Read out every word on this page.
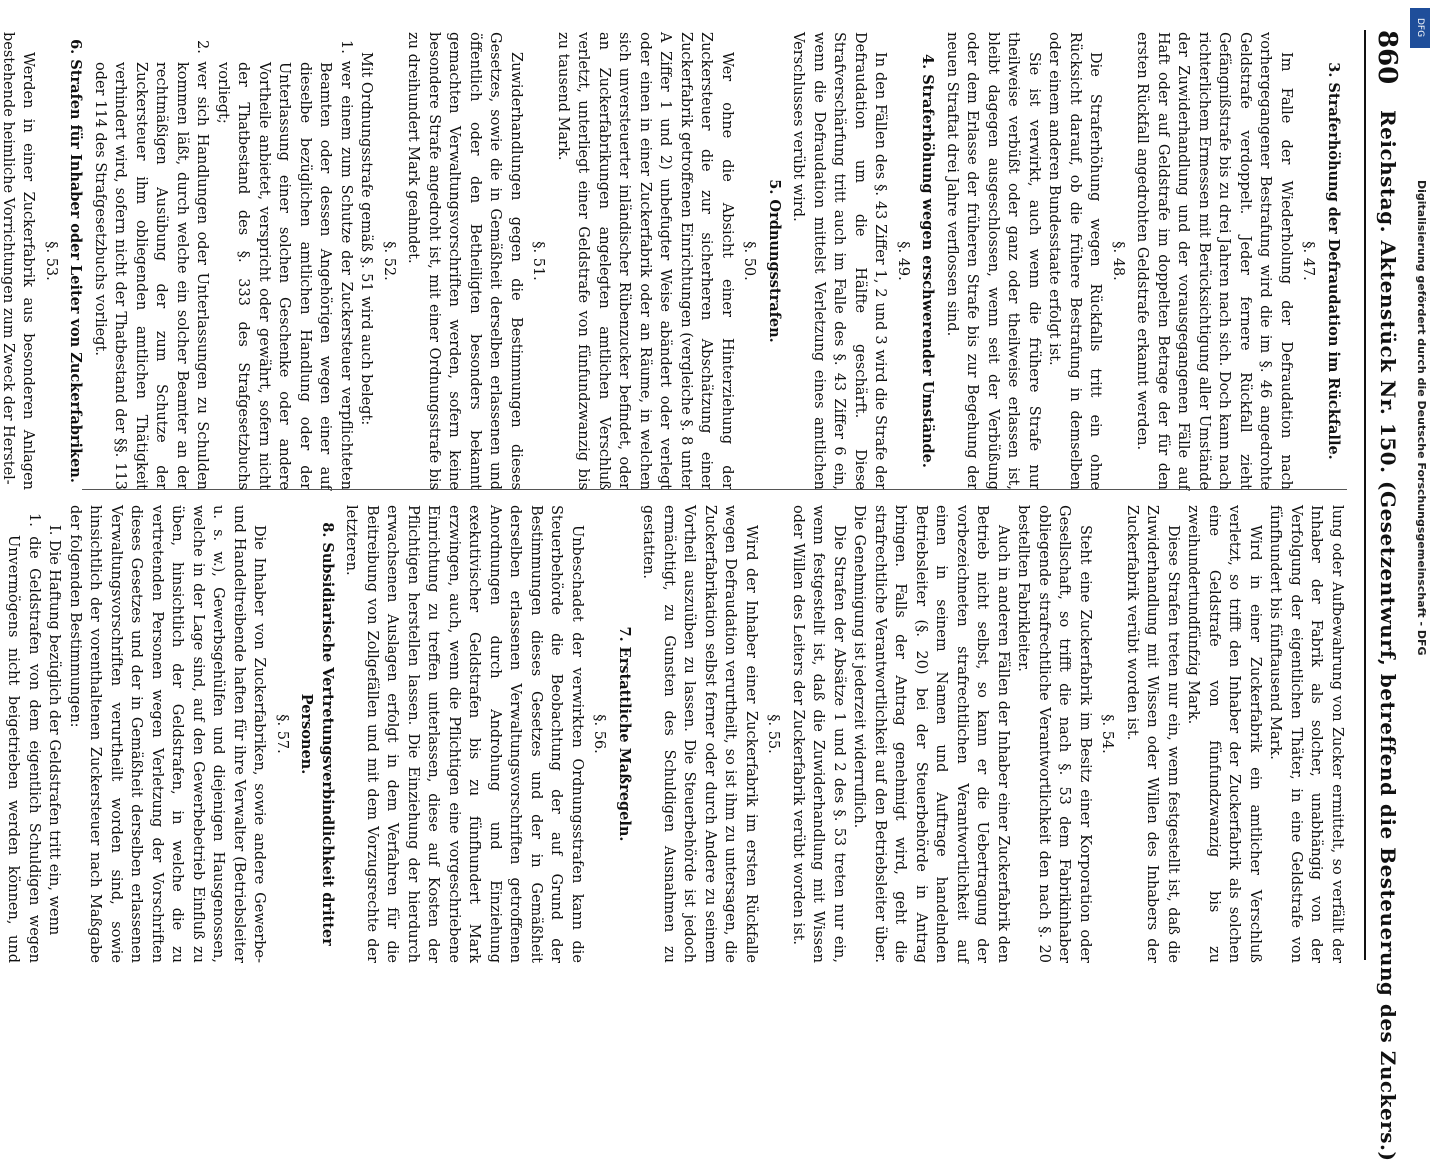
860
Reichstag. Aktenstück Nr. 150. (Gesetzentwurf, betreffend die Besteuerung des Zuckers.)
3. Straferhöhung der Defraudation im Rückfalle.
§. 47.

Im Falle der Wiederholung der Defraudation nach vorhergegangener Bestrafung wird die im §. 46 angedrohte Geldstrafe verdoppelt. Jeder fernere Rückfall zieht Gefängnißstrafe bis zu drei Jahren nach sich. Doch kann nach richterlichem Ermessen mit Berücksichtigung aller Umstände der Zuwiderhandlung und der vorausgegangenen Fälle auf Haft oder auf Geldstrafe im doppelten Betrage der für den ersten Rückfall angedrohten Geldstrafe erkannt werden.

§. 48.

Die Straferhöhung wegen Rückfalls tritt ein ohne Rücksicht darauf, ob die frühere Bestrafung in demselben oder einem anderen Bundesstaate erfolgt ist.

Sie ist verwirkt, auch wenn die frühere Strafe nur theilweise verbüßt oder ganz oder theilweise erlassen ist, bleibt dagegen ausgeschlossen, wenn seit der Verbüßung oder dem Erlasse der früheren Strafe bis zur Begehung der neuen Straftat drei Jahre verflossen sind.

4. Straferhöhung wegen erschwerender Umstände.
§. 49.

In den Fällen des §. 43 Ziffer 1, 2 und 3 wird die Strafe der Defraudation um die Hälfte geschärft. Diese Strafverschärfung tritt auch im Falle des §. 43 Ziffer 6 ein, wenn die Defraudation mittelst Verletzung eines amtlichen Verschlusses verübt wird.

5. Ordnungsstrafen.
§. 50.

Wer ohne die Absicht einer Hinterziehung der Zuckersteuer die zur sicherheren Abschätzung einer Zuckerfabrik getroffenen Einrichtungen (vergleiche §. 8 unter A Ziffer 1 und 2) unbefugter Weise abändert oder verlegt oder einen in einer Zuckerfabrik oder an Räume, in welchen sich unversteuerter inländischer Rübenzucker befindet, oder an Zuckerfabrikungen angelegten amtlichen Verschluß verletzt, unterliegt einer Geldstrafe von fünfundzwanzig bis zu tausend Mark.

§. 51.

Zuwiderhandlungen gegen die Bestimmungen dieses Gesetzes, sowie die in Gemäßheit derselben erlassenen und öffentlich oder den Betheiligten besonders bekannt gemachten Verwaltungsvorschriften werden, sofern keine besondere Strafe angedroht ist, mit einer Ordnungsstrafe bis zu dreihundert Mark geahndet.

§. 52.

Mit Ordnungsstrafe gemäß §. 51 wird auch belegt:

1. wer einem zum Schutze der Zuckersteuer verpflichteten Beamten oder dessen Angehörigen wegen einer auf dieselbe bezüglichen amtlichen Handlung oder der Unterlassung einer solchen Geschenke oder andere Vortheile anbietet, verspricht oder gewährt, sofern nicht der Thatbestand des §. 333 des Strafgesetzbuchs vorliegt;

2. wer sich Handlungen oder Unterlassungen zu Schulden kommen läßt, durch welche ein solcher Beamter an der rechtmäßigen Ausübung der zum Schutze der Zuckersteuer ihm obliegenden amtlichen Thätigkeit verhindert wird, sofern nicht der Thatbestand der §§. 113 oder 114 des Strafgesetzbuchs vorliegt.

6. Strafen für Inhaber oder Leiter von Zuckerfabriken.
§. 53.

Werden in einer Zuckerfabrik aus besonderen Anlagen bestehende heimliche Vorrichtungen zum Zweck der Herstel-

lung oder Aufbewahrung von Zucker ermittelt, so verfällt der Inhaber der Fabrik als solcher, unabhängig von der Verfolgung der eigentlichen Thäter, in eine Geldstrafe von fünfhundert bis fünftausend Mark.

Wird in einer Zuckerfabrik ein amtlicher Verschluß verletzt, so trifft den Inhaber der Zuckerfabrik als solchen eine Geldstrafe von fünfundzwanzig bis zu zweihundertundfünfzig Mark.

Diese Strafen treten nur ein, wenn festgestellt ist, daß die Zuwiderhandlung mit Wissen oder Willen des Inhabers der Zuckerfabrik verübt worden ist.

§. 54.

Steht eine Zuckerfabrik im Besitz einer Korporation oder Gesellschaft, so trifft die nach §. 53 dem Fabrikinhaber obliegende strafrechtliche Verantwortlichkeit den nach §. 20 bestellten Fabrikleiter.

Auch in anderen Fällen der Inhaber einer Zuckerfabrik den Betrieb nicht selbst, so kann er die Uebertragung der vorbezeichneten strafrechtlichen Verantwortlichkeit auf einen in seinem Namen und Auftrage handelnden Betriebsleiter (§. 20) bei der Steuerbehörde in Antrag bringen. Falls der Antrag genehmigt wird, geht die strafrechtliche Verantwortlichkeit auf den Betriebsleiter über. Die Genehmigung ist jederzeit widerruflich.

Die Strafen der Absätze 1 und 2 des §. 53 treten nur ein, wenn festgestellt ist, daß die Zuwiderhandlung mit Wissen oder Willen des Leiters der Zuckerfabrik verübt worden ist.

§. 55.

Wird der Inhaber einer Zuckerfabrik im ersten Rückfalle wegen Defraudation verurtheilt, so ist ihm zu untersagen, die Zuckerfabrikation selbst ferner oder durch Andere zu seinem Vortheil auszuüben zu lassen. Die Steuerbehörde ist jedoch ermächtigt, zu Gunsten des Schuldigen Ausnahmen zu gestatten.

7. Erstattliche Maßregeln.
§. 56.

Unbeschadet der verwirkten Ordnungsstrafen kann die Steuerbehörde die Beobachtung der auf Grund der Bestimmungen dieses Gesetzes und der in Gemäßheit derselben erlassenen Verwaltungsvorschriften getroffenen Anordnungen durch Androhung und Einziehung exekutivischer Geldstrafen bis zu fünfhundert Mark erzwingen, auch, wenn die Pflichtigen eine vorgeschriebene Einrichtung zu treffen unterlassen, diese auf Kosten der Pflichtigen herstellen lassen. Die Einziehung der hierdurch erwachsenen Auslagen erfolgt in dem Verfahren für die Beitreibung von Zollgefällen und mit dem Vorzugsrechte der letzteren.

8. Subsidiarische Vertretungsverbindlichkeit dritter Personen.
§. 57.

Die Inhaber von Zuckerfabriken, sowie andere Gewerbe- und Handeltreibende haften für ihre Verwalter (Betriebsleiter u. s. w.), Gewerbsgehülfen und diejenigen Hausgenossen, welche in der Lage sind, auf den Gewerbebetrieb Einfluß zu üben, hinsichtlich der Geldstrafen, in welche die zu vertretenden Personen wegen Verletzung der Vorschriften dieses Gesetzes und der in Gemäßheit derselben erlassenen Verwaltungsvorschriften verurtheilt worden sind, sowie hinsichtlich der vorenthaltenen Zuckersteuer nach Maßgabe der folgenden Bestimmungen:

I. Die Haftung bezüglich der Geldstrafen tritt ein, wenn

1. die Geldstrafen von dem eigentlich Schuldigen wegen Unvermögens nicht beigetrieben werden können, und

Digitalisierung gefördert durch die Deutsche Forschungsgemeinschaft - DFG
DFG
